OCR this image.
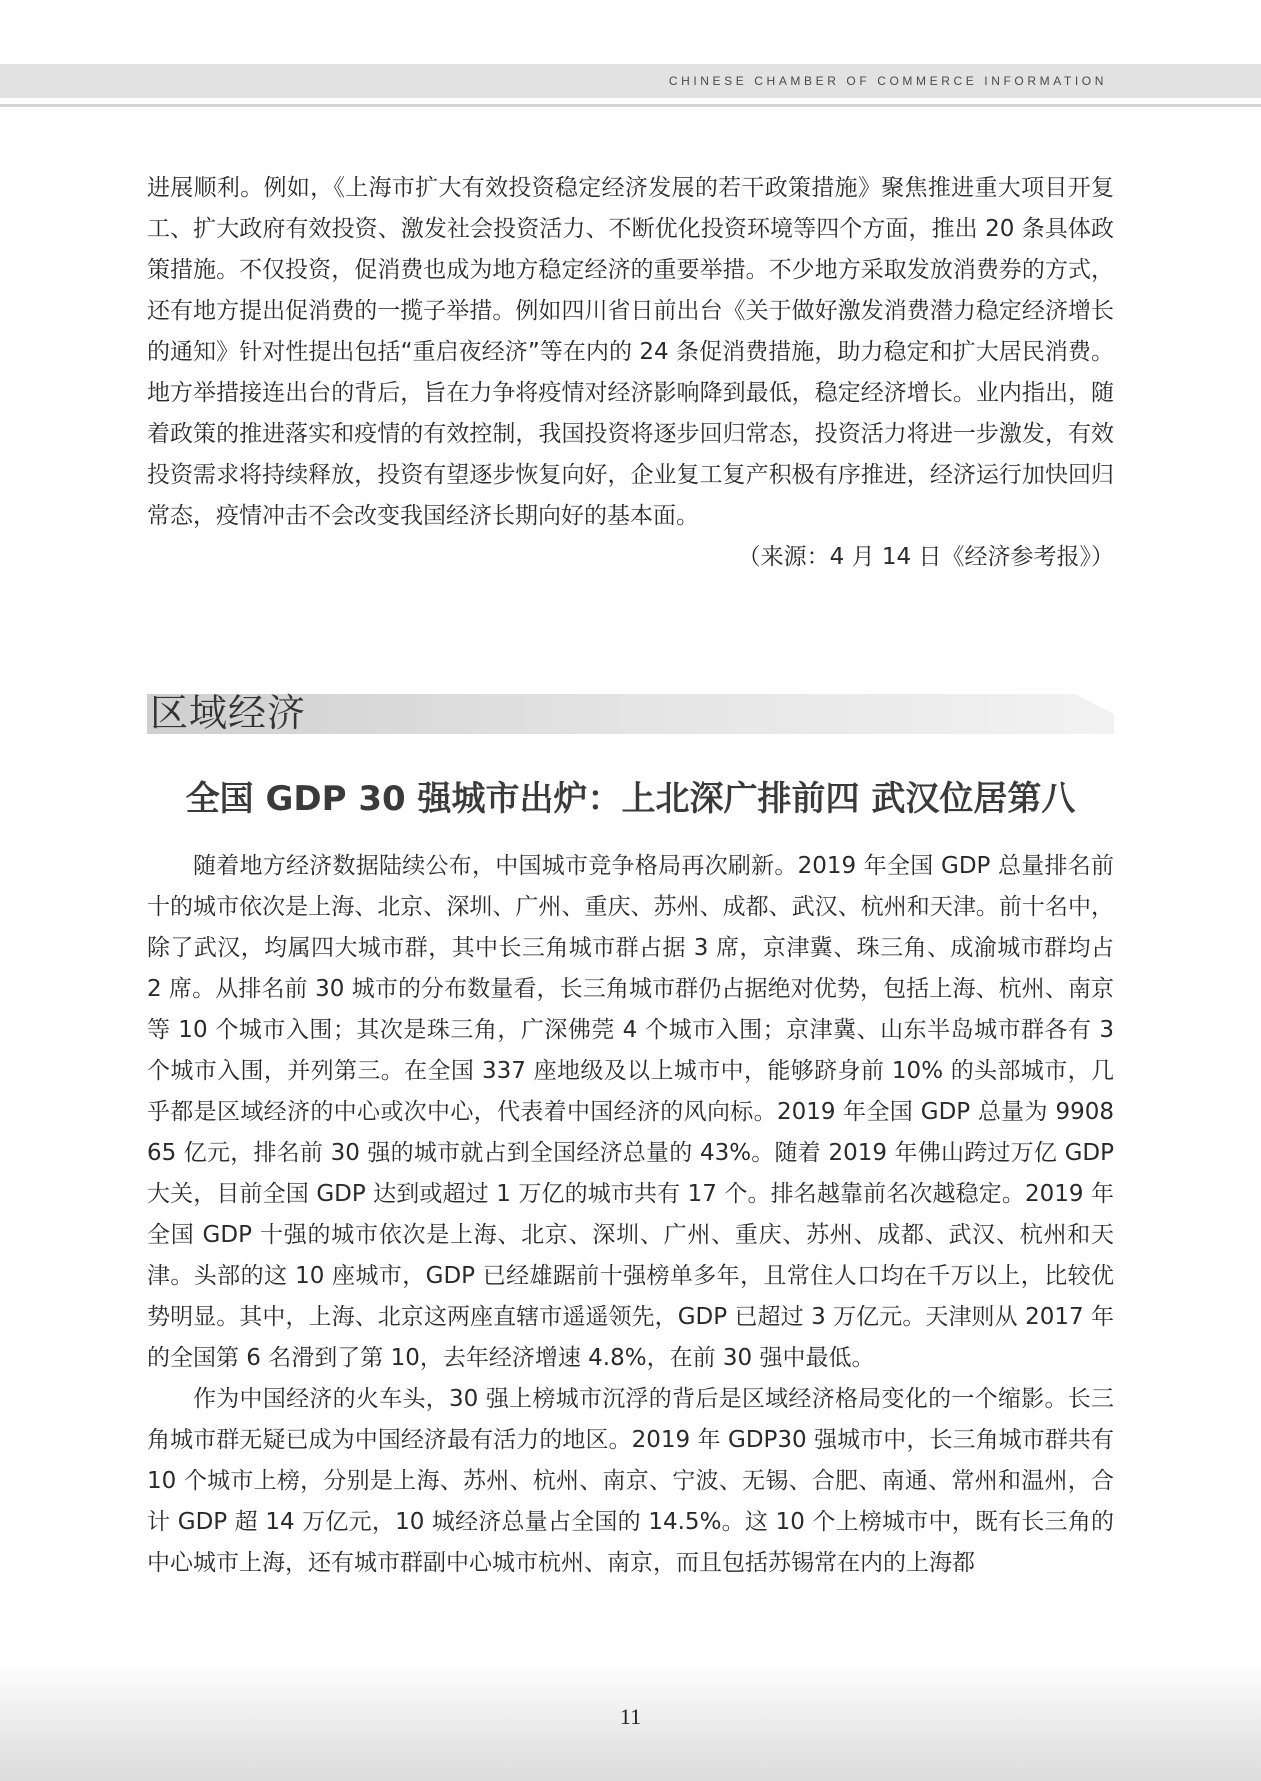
CHINESE CHAMBER OF COMMERCE INFORMATION

进展顺利。例如，《上海市扩大有效投资稳定经济发展的若干政策措施》聚焦推进重大项目开复工、扩大政府有效投资、激发社会投资活力、不断优化投资环境等四个方面，推出 20 条具体政策措施。不仅投资，促消费也成为地方稳定经济的重要举措。不少地方采取发放消费券的方式，还有地方提出促消费的一揽子举措。例如四川省日前出台《关于做好激发消费潜力稳定经济增长的通知》针对性提出包括“重启夜经济”等在内的 24 条促消费措施，助力稳定和扩大居民消费。地方举措接连出台的背后，旨在力争将疫情对经济影响降到最低，稳定经济增长。业内指出，随着政策的推进落实和疫情的有效控制，我国投资将逐步回归常态，投资活力将进一步激发，有效投资需求将持续释放，投资有望逐步恢复向好，企业复工复产积极有序推进，经济运行加快回归常态，疫情冲击不会改变我国经济长期向好的基本面。

（来源：4 月 14 日《经济参考报》）

区域经济
全国 GDP 30 强城市出炉：上北深广排前四 武汉位居第八

随着地方经济数据陆续公布，中国城市竞争格局再次刷新。2019 年全国 GDP 总量排名前十的城市依次是上海、北京、深圳、广州、重庆、苏州、成都、武汉、杭州和天津。前十名中，除了武汉，均属四大城市群，其中长三角城市群占据 3 席，京津冀、珠三角、成渝城市群均占 2 席。从排名前 30 城市的分布数量看，长三角城市群仍占据绝对优势，包括上海、杭州、南京等 10 个城市入围；其次是珠三角，广深佛莞 4 个城市入围；京津冀、山东半岛城市群各有 3 个城市入围，并列第三。在全国 337 座地级及以上城市中，能够跻身前 10% 的头部城市，几乎都是区域经济的中心或次中心，代表着中国经济的风向标。2019 年全国 GDP 总量为 990865 亿元，排名前 30 强的城市就占到全国经济总量的 43%。随着 2019 年佛山跨过万亿 GDP 大关，目前全国 GDP 达到或超过 1 万亿的城市共有 17 个。排名越靠前名次越稳定。2019 年全国 GDP 十强的城市依次是上海、北京、深圳、广州、重庆、苏州、成都、武汉、杭州和天津。头部的这 10 座城市，GDP 已经雄踞前十强榜单多年，且常住人口均在千万以上，比较优势明显。其中，上海、北京这两座直辖市遥遥领先，GDP 已超过 3 万亿元。天津则从 2017 年的全国第 6 名滑到了第 10，去年经济增速 4.8%，在前 30 强中最低。

作为中国经济的火车头，30 强上榜城市沉浮的背后是区域经济格局变化的一个缩影。长三角城市群无疑已成为中国经济最有活力的地区。2019 年 GDP30 强城市中，长三角城市群共有 10 个城市上榜，分别是上海、苏州、杭州、南京、宁波、无锡、合肥、南通、常州和温州，合计 GDP 超 14 万亿元，10 城经济总量占全国的 14.5%。这 10 个上榜城市中，既有长三角的中心城市上海，还有城市群副中心城市杭州、南京，而且包括苏锡常在内的上海都

11
